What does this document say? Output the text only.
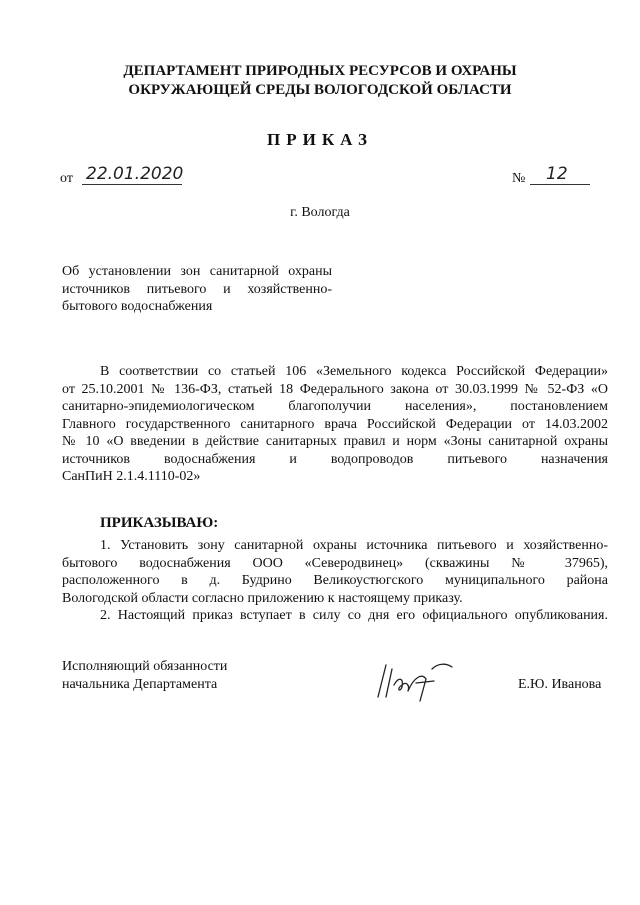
ДЕПАРТАМЕНТ ПРИРОДНЫХ РЕСУРСОВ И ОХРАНЫ
ОКРУЖАЮЩЕЙ СРЕДЫ ВОЛОГОДСКОЙ ОБЛАСТИ
ПРИКАЗ
от 22.01.2020	№ 12
г. Вологда
Об установлении зон санитарной охраны
источников питьевого и хозяйственно-
бытового водоснабжения
В соответствии со статьей 106 «Земельного кодекса Российской Федерации»
от 25.10.2001 № 136-ФЗ, статьей 18 Федерального закона от 30.03.1999 № 52-ФЗ «О
санитарно-эпидемиологическом благополучии населения», постановлением
Главного государственного санитарного врача Российской Федерации от 14.03.2002
№ 10 «О введении в действие санитарных правил и норм «Зоны санитарной охраны
источников водоснабжения и водопроводов питьевого назначения
СанПиН 2.1.4.1110-02»
ПРИКАЗЫВАЮ:
1. Установить зону санитарной охраны источника питьевого и хозяйственно-
бытового водоснабжения ООО «Северодвинец» (скважины № 37965),
расположенного в д. Будрино Великоустюгского муниципального района
Вологодской области согласно приложению к настоящему приказу.
2. Настоящий приказ вступает в силу со дня его официального опубликования.
Исполняющий обязанности
начальника Департамента	Е.Ю. Иванова
